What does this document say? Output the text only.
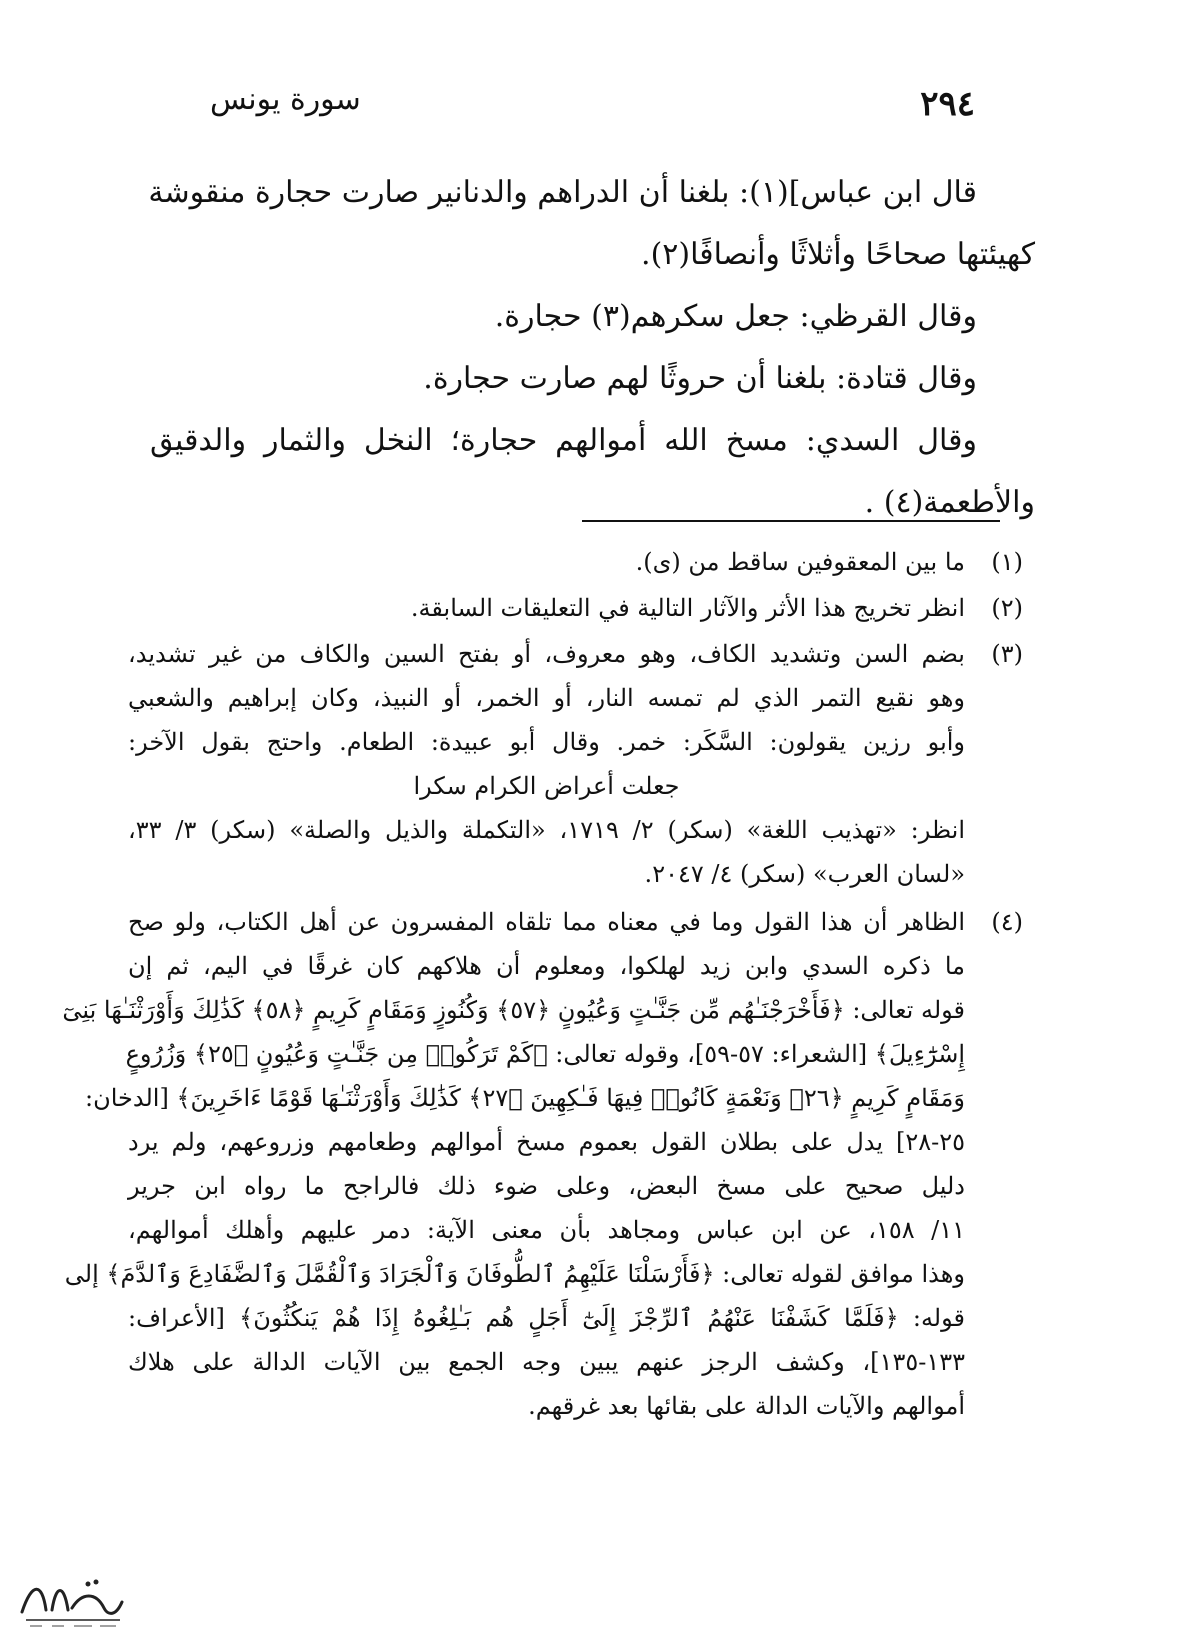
٢٩٤
سورة يونس
قال ابن عباس](١): بلغنا أن الدراهم والدنانير صارت حجارة منقوشة
كهيئتها صحاحًا وأثلاثًا وأنصافًا(٢).
وقال القرظي: جعل سكرهم(٣) حجارة.
وقال قتادة: بلغنا أن حروثًا لهم صارت حجارة.
وقال السدي: مسخ الله أموالهم حجارة؛ النخل والثمار والدقيق
والأطعمة(٤) .
(١)
ما بين المعقوفين ساقط من (ى).
(٢)
انظر تخريج هذا الأثر والآثار التالية في التعليقات السابقة.
(٣)
بضم السن وتشديد الكاف، وهو معروف، أو بفتح السين والكاف من غير تشديد،
وهو نقيع التمر الذي لم تمسه النار، أو الخمر، أو النبيذ، وكان إبراهيم والشعبي
وأبو رزين يقولون: السَّكَر: خمر. وقال أبو عبيدة: الطعام. واحتج بقول الآخر:
جعلت أعراض الكرام سكرا
انظر: «تهذيب اللغة» (سكر) ٢/ ١٧١٩، «التكملة والذيل والصلة» (سكر) ٣/ ٣٣،
«لسان العرب» (سكر) ٤/ ٢٠٤٧.
(٤)
الظاهر أن هذا القول وما في معناه مما تلقاه المفسرون عن أهل الكتاب، ولو صح
ما ذكره السدي وابن زيد لهلكوا، ومعلوم أن هلاكهم كان غرقًا في اليم، ثم إن
قوله تعالى: ﴿فَأَخْرَجْنَـٰهُم مِّن جَنَّـٰتٍ وَعُيُونٍ ﴿٥٧﴾ وَكُنُوزٍ وَمَقَامٍ كَرِيمٍ ﴿٥٨﴾ كَذَٰلِكَ وَأَوْرَثْنَـٰهَا بَنِىٓ
إِسْرَٰٓءِيلَ﴾ [الشعراء: ٥٧-٥٩]، وقوله تعالى: ﴿كَمْ تَرَكُوا۟ مِن جَنَّـٰتٍ وَعُيُونٍ ﴿٢٥﴾ وَزُرُوعٍ
وَمَقَامٍ كَرِيمٍ ﴿٢٦﴾ وَنَعْمَةٍ كَانُوا۟ فِيهَا فَـٰكِهِينَ ﴿٢٧﴾ كَذَٰلِكَ وَأَوْرَثْنَـٰهَا قَوْمًا ءَاخَرِينَ﴾ [الدخان:
٢٥-٢٨] يدل على بطلان القول بعموم مسخ أموالهم وطعامهم وزروعهم، ولم يرد
دليل صحيح على مسخ البعض، وعلى ضوء ذلك فالراجح ما رواه ابن جرير
١١/ ١٥٨، عن ابن عباس ومجاهد بأن معنى الآية: دمر عليهم وأهلك أموالهم،
وهذا موافق لقوله تعالى: ﴿فَأَرْسَلْنَا عَلَيْهِمُ ٱلطُّوفَانَ وَٱلْجَرَادَ وَٱلْقُمَّلَ وَٱلضَّفَادِعَ وَٱلدَّمَ﴾ إلى
قوله: ﴿فَلَمَّا كَشَفْنَا عَنْهُمُ ٱلرِّجْزَ إِلَىٰٓ أَجَلٍ هُم بَـٰلِغُوهُ إِذَا هُمْ يَنكُثُونَ﴾ [الأعراف:
١٣٣-١٣٥]، وكشف الرجز عنهم يبين وجه الجمع بين الآيات الدالة على هلاك
أموالهم والآيات الدالة على بقائها بعد غرقهم.
